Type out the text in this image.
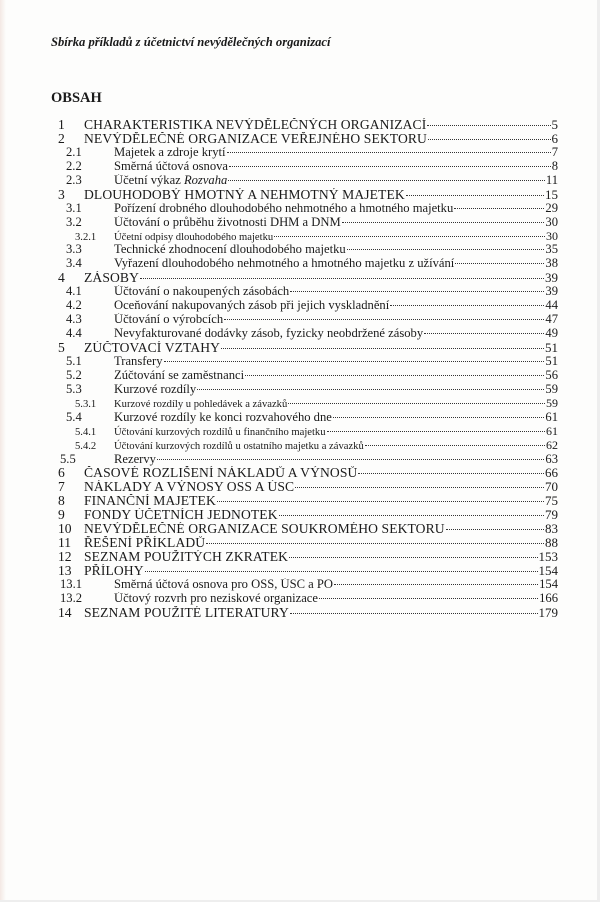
Sbírka příkladů z účetnictví nevýdělečných organizací
OBSAH
1	CHARAKTERISTIKA NEVÝDĚLEČNÝCH ORGANIZACÍ	5
2	NEVÝDĚLEČNÉ ORGANIZACE VEŘEJNÉHO SEKTORU	6
2.1	Majetek a zdroje krytí	7
2.2	Směrná účtová osnova	8
2.3	Účetní výkaz Rozvaha	11
3	DLOUHODOBÝ HMOTNÝ A NEHMOTNÝ MAJETEK	15
3.1	Pořízení drobného dlouhodobého nehmotného a hmotného majetku	29
3.2	Účtování o průběhu životnosti DHM a DNM	30
3.2.1	Účetní odpisy dlouhodobého majetku	30
3.3	Technické zhodnocení dlouhodobého majetku	35
3.4	Vyřazení dlouhodobého nehmotného a hmotného majetku z užívání	38
4	ZÁSOBY	39
4.1	Účtování o nakoupených zásobách	39
4.2	Oceňování nakupovaných zásob při jejich vyskladnění	44
4.3	Účtování o výrobcích	47
4.4	Nevyfakturované dodávky zásob, fyzicky neobdržené zásoby	49
5	ZÚČTOVACÍ VZTAHY	51
5.1	Transfery	51
5.2	Zúčtování se zaměstnanci	56
5.3	Kurzové rozdíly	59
5.3.1	Kurzové rozdíly u pohledávek a závazků	59
5.4	Kurzové rozdíly ke konci rozvahového dne	61
5.4.1	Účtování kurzových rozdílů u finančního majetku	61
5.4.2	Účtování kurzových rozdílů u ostatního majetku a závazků	62
5.5	Rezervy	63
6	ČASOVÉ ROZLIŠENÍ NÁKLADŮ A VÝNOSŮ	66
7	NÁKLADY A VÝNOSY OSS A ÚSC	70
8	FINANČNÍ MAJETEK	75
9	FONDY ÚČETNÍCH JEDNOTEK	79
10 NEVÝDĚLEČNÉ ORGANIZACE SOUKROMÉHO SEKTORU	83
11 ŘEŠENÍ PŘÍKLADŮ	88
12 SEZNAM POUŽITÝCH ZKRATEK	153
13 PŘÍLOHY	154
13.1	Směrná účtová osnova pro OSS, ÚSC a PO	154
13.2	Účtový rozvrh pro neziskové organizace	166
14 SEZNAM POUŽITÉ LITERATURY	179
